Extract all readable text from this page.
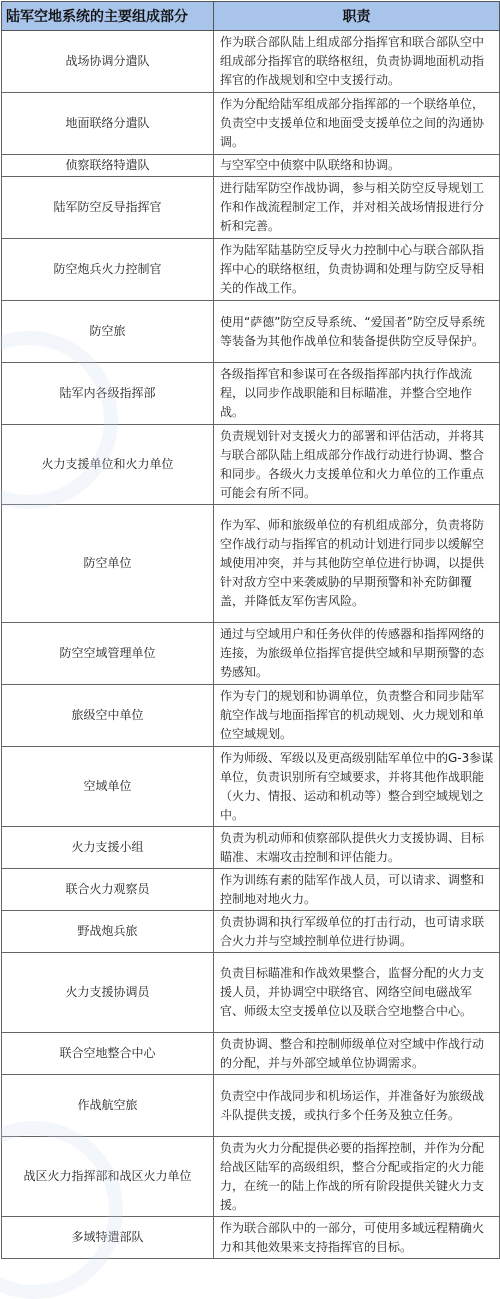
陆军空地系统的主要组成部分	职责
战场协调分遣队	作为联合部队陆上组成部分指挥官和联合部队空中组成部分指挥官的联络枢纽，负责协调地面机动指挥官的作战规划和空中支援行动。
地面联络分遣队	作为分配给陆军组成部分指挥部的一个联络单位，负责空中支援单位和地面受支援单位之间的沟通协调。
侦察联络特遣队	与空军空中侦察中队联络和协调。
陆军防空反导指挥官	进行陆军防空作战协调，参与相关防空反导规划工作和作战流程制定工作，并对相关战场情报进行分析和完善。
防空炮兵火力控制官	作为陆军陆基防空反导火力控制中心与联合部队指挥中心的联络枢纽，负责协调和处理与防空反导相关的作战工作。
防空旅	使用“萨德”防空反导系统、“爱国者”防空反导系统等装备为其他作战单位和装备提供防空反导保护。
陆军内各级指挥部	各级指挥官和参谋可在各级指挥部内执行作战流程，以同步作战职能和目标瞄准，并整合空地作战。
火力支援单位和火力单位	负责规划针对支援火力的部署和评估活动，并将其与联合部队陆上组成部分作战行动进行协调、整合和同步。各级火力支援单位和火力单位的工作重点可能会有所不同。
防空单位	作为军、师和旅级单位的有机组成部分，负责将防空作战行动与指挥官的机动计划进行同步以缓解空域使用冲突，并与其他防空单位进行协调，以提供针对敌方空中来袭威胁的早期预警和补充防御覆盖，并降低友军伤害风险。
防空空域管理单位	通过与空域用户和任务伙伴的传感器和指挥网络的连接，为旅级单位指挥官提供空域和早期预警的态势感知。
旅级空中单位	作为专门的规划和协调单位，负责整合和同步陆军航空作战与地面指挥官的机动规划、火力规划和单位空域规划。
空域单位	作为师级、军级以及更高级别陆军单位中的G-3参谋单位，负责识别所有空域要求，并将其他作战职能（火力、情报、运动和机动等）整合到空域规划之中。
火力支援小组	负责为机动师和侦察部队提供火力支援协调、目标瞄准、末端攻击控制和评估能力。
联合火力观察员	作为训练有素的陆军作战人员，可以请求、调整和控制地对地火力。
野战炮兵旅	负责协调和执行军级单位的打击行动，也可请求联合火力并与空域控制单位进行协调。
火力支援协调员	负责目标瞄准和作战效果整合，监督分配的火力支援人员，并协调空中联络官、网络空间电磁战军官、师级太空支援单位以及联合空地整合中心。
联合空地整合中心	负责协调、整合和控制师级单位对空域中作战行动的分配，并与外部空域单位协调需求。
作战航空旅	负责空中作战同步和机场运作，并准备好为旅级战斗队提供支援，或执行多个任务及独立任务。
战区火力指挥部和战区火力单位	负责为火力分配提供必要的指挥控制，并作为分配给战区陆军的高级组织，整合分配或指定的火力能力，在统一的陆上作战的所有阶段提供关键火力支援。
多域特遣部队	作为联合部队中的一部分，可使用多域远程精确火力和其他效果来支持指挥官的目标。
